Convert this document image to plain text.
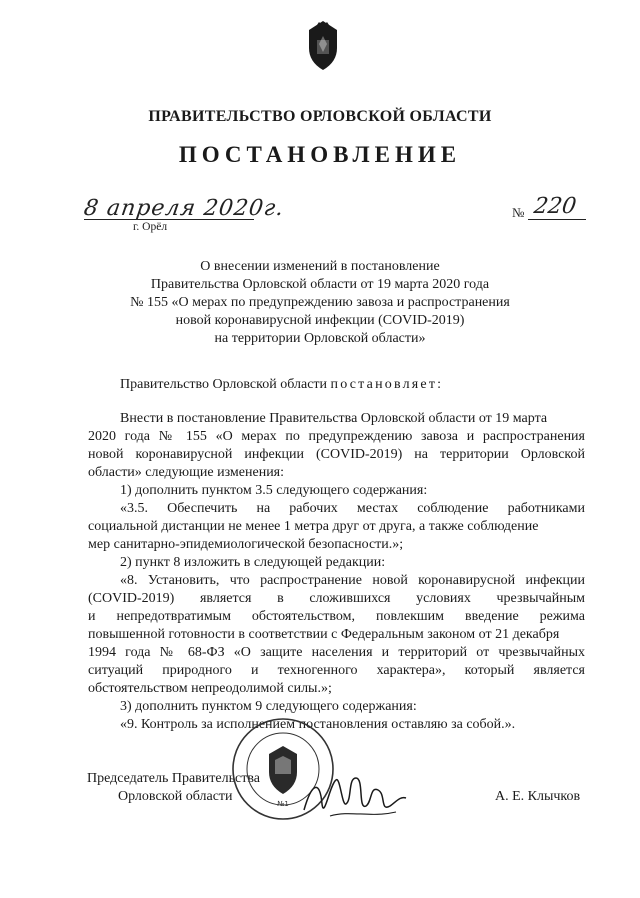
ПРАВИТЕЛЬСТВО ОРЛОВСКОЙ ОБЛАСТИ
ПОСТАНОВЛЕНИЕ
8 апреля 2020г.
г. Орёл
№ 220
О внесении изменений в постановление
Правительства Орловской области от 19 марта 2020 года
№ 155 «О мерах по предупреждению завоза и распространения
новой коронавирусной инфекции (COVID-2019)
на территории Орловской области»
Правительство Орловской области постановляет:
Внести в постановление Правительства Орловской области от 19 марта
2020 года № 155 «О мерах по предупреждению завоза и распространения
новой коронавирусной инфекции (COVID-2019) на территории Орловской
области» следующие изменения:
1) дополнить пунктом 3.5 следующего содержания:
«3.5. Обеспечить на рабочих местах соблюдение работниками
социальной дистанции не менее 1 метра друг от друга, а также соблюдение
мер санитарно-эпидемиологической безопасности.»;
2) пункт 8 изложить в следующей редакции:
«8. Установить, что распространение новой коронавирусной инфекции
(COVID-2019) является в сложившихся условиях чрезвычайным
и непредотвратимым обстоятельством, повлекшим введение режима
повышенной готовности в соответствии с Федеральным законом от 21 декабря
1994 года № 68-ФЗ «О защите населения и территорий от чрезвычайных
ситуаций природного и техногенного характера», который является
обстоятельством непреодолимой силы.»;
3) дополнить пунктом 9 следующего содержания:
«9. Контроль за исполнением постановления оставляю за собой.».
Председатель Правительства
Орловской области	А. Е. Клычков
№1
